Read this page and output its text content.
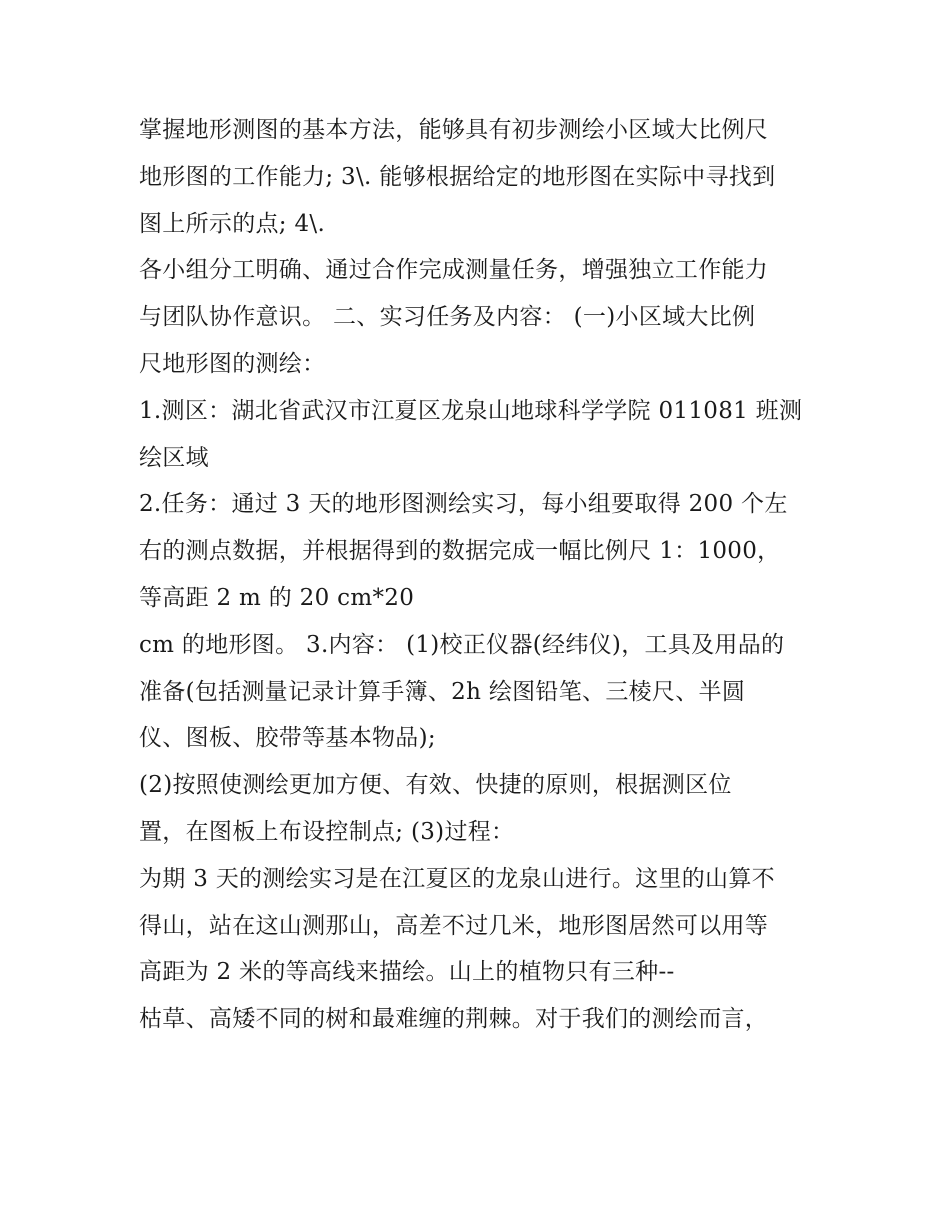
掌握地形测图的基本方法，能够具有初步测绘小区域大比例尺
地形图的工作能力; 3\. 能够根据给定的地形图在实际中寻找到
图上所示的点; 4\.
各小组分工明确、通过合作完成测量任务，增强独立工作能力
与团队协作意识。 二、实习任务及内容： (一)小区域大比例
尺地形图的测绘：
1.测区：湖北省武汉市江夏区龙泉山地球科学学院 011081 班测
绘区域
2.任务：通过 3 天的地形图测绘实习，每小组要取得 200 个左
右的测点数据，并根据得到的数据完成一幅比例尺 1：1000，
等高距 2 m 的 20 cm*20
cm 的地形图。 3.内容： (1)校正仪器(经纬仪)，工具及用品的
准备(包括测量记录计算手簿、2h 绘图铅笔、三棱尺、半圆
仪、图板、胶带等基本物品);
(2)按照使测绘更加方便、有效、快捷的原则，根据测区位
置，在图板上布设控制点; (3)过程：
为期 3 天的测绘实习是在江夏区的龙泉山进行。这里的山算不
得山，站在这山测那山，高差不过几米，地形图居然可以用等
高距为 2 米的等高线来描绘。山上的植物只有三种--
枯草、高矮不同的树和最难缠的荆棘。对于我们的测绘而言，
